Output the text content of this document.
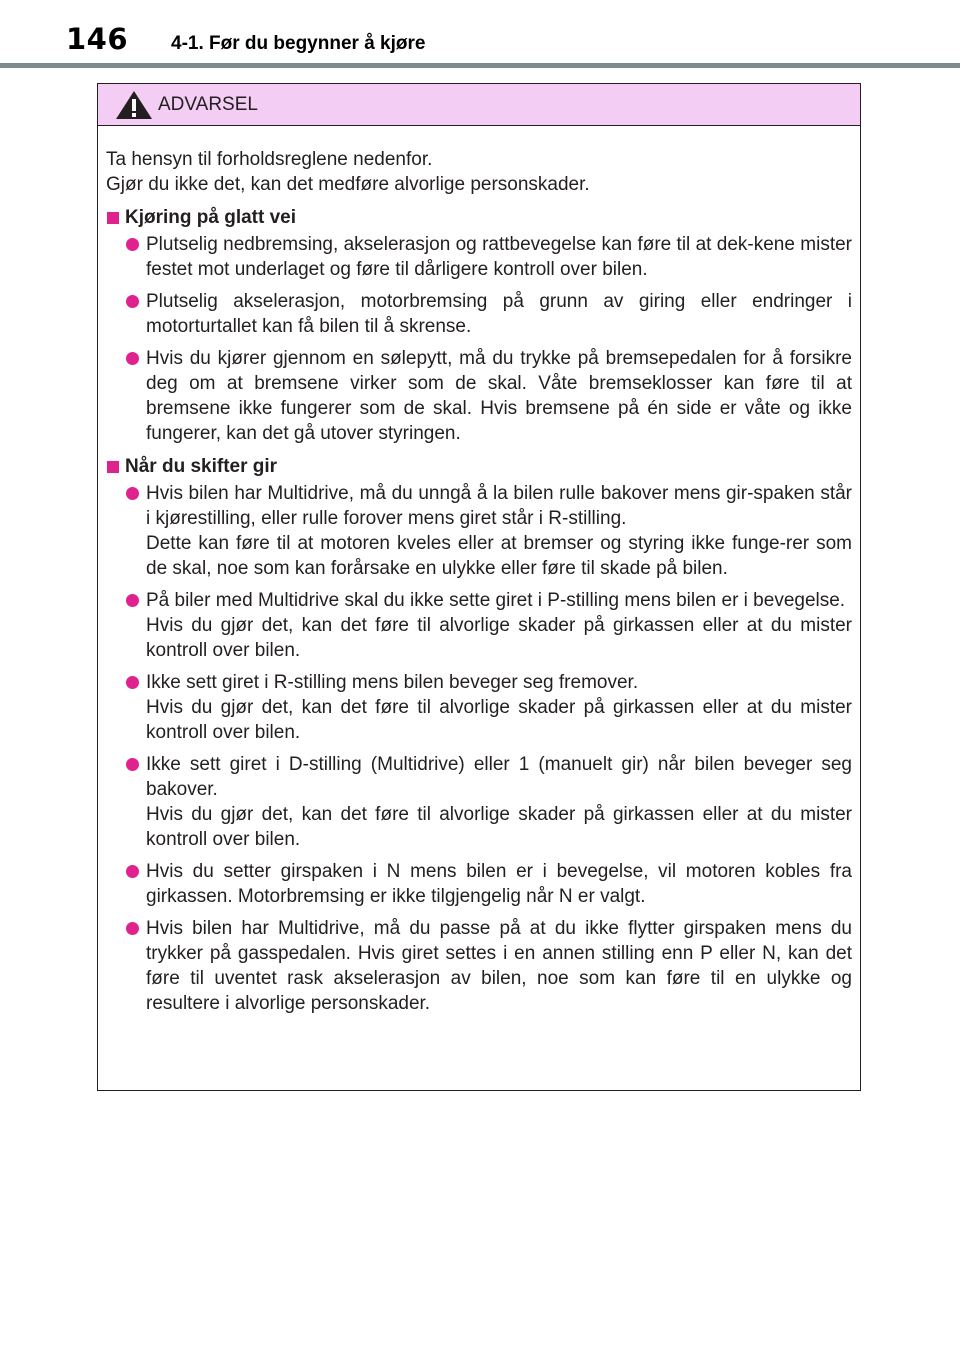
146 4-1. Før du begynner å kjøre
ADVARSEL

Ta hensyn til forholdsreglene nedenfor.

Gjør du ikke det, kan det medføre alvorlige personskader.

Kjøring på glatt vei

Plutselig nedbremsing, akselerasjon og rattbevegelse kan føre til at dek-kene mister festet mot underlaget og føre til dårligere kontroll over bilen.

Plutselig akselerasjon, motorbremsing på grunn av giring eller endringer i motorturtallet kan få bilen til å skrense.

Hvis du kjører gjennom en sølepytt, må du trykke på bremsepedalen for å forsikre deg om at bremsene virker som de skal. Våte bremseklosser kan føre til at bremsene ikke fungerer som de skal. Hvis bremsene på én side er våte og ikke fungerer, kan det gå utover styringen.

Når du skifter gir

Hvis bilen har Multidrive, må du unngå å la bilen rulle bakover mens gir-spaken står i kjørestilling, eller rulle forover mens giret står i R-stilling.

Dette kan føre til at motoren kveles eller at bremser og styring ikke funge-rer som de skal, noe som kan forårsake en ulykke eller føre til skade på bilen.

På biler med Multidrive skal du ikke sette giret i P-stilling mens bilen er i bevegelse.

Hvis du gjør det, kan det føre til alvorlige skader på girkassen eller at du mister kontroll over bilen.

Ikke sett giret i R-stilling mens bilen beveger seg fremover.

Hvis du gjør det, kan det føre til alvorlige skader på girkassen eller at du mister kontroll over bilen.

Ikke sett giret i D-stilling (Multidrive) eller 1 (manuelt gir) når bilen beveger seg bakover.

Hvis du gjør det, kan det føre til alvorlige skader på girkassen eller at du mister kontroll over bilen.

Hvis du setter girspaken i N mens bilen er i bevegelse, vil motoren kobles fra girkassen. Motorbremsing er ikke tilgjengelig når N er valgt.

Hvis bilen har Multidrive, må du passe på at du ikke flytter girspaken mens du trykker på gasspedalen. Hvis giret settes i en annen stilling enn P eller N, kan det føre til uventet rask akselerasjon av bilen, noe som kan føre til en ulykke og resultere i alvorlige personskader.
